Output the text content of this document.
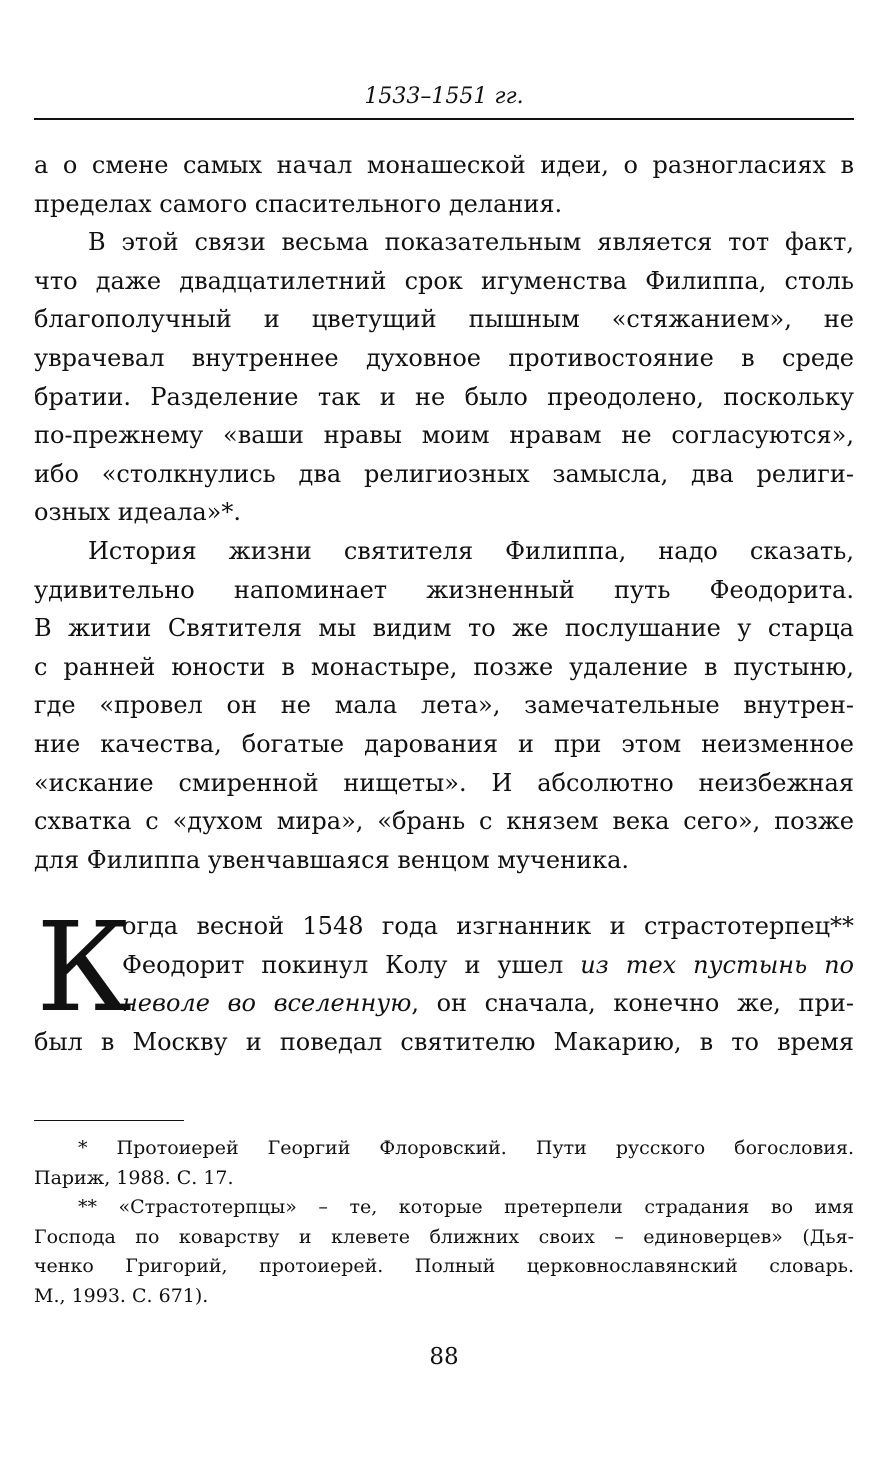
1533–1551 гг.
а о смене самых начал монашеской идеи, о разногласиях в
пределах самого спасительного делания.
В этой связи весьма показательным является тот факт,
что даже двадцатилетний срок игуменства Филиппа, столь
благополучный и цветущий пышным «стяжанием», не
уврачевал внутреннее духовное противостояние в среде
братии. Разделение так и не было преодолено, поскольку
по-прежнему «ваши нравы моим нравам не согласуются»,
ибо «столкнулись два религиозных замысла, два религи-
озных идеала»*.
История жизни святителя Филиппа, надо сказать,
удивительно напоминает жизненный путь Феодорита.
В житии Святителя мы видим то же послушание у старца
с ранней юности в монастыре, позже удаление в пустыню,
где «провел он не мала лета», замечательные внутрен-
ние качества, богатые дарования и при этом неизменное
«искание смиренной нищеты». И абсолютно неизбежная
схватка с «духом мира», «брань с князем века сего», позже
для Филиппа увенчавшаяся венцом мученика.
К
огда весной 1548 года изгнанник и страстотерпец**
Феодорит покинул Колу и ушел из тех пустынь по
неволе во вселенную, он сначала, конечно же, при-
был в Москву и поведал святителю Макарию, в то время
* Протоиерей Георгий Флоровский. Пути русского богословия.
Париж, 1988. С. 17.
** «Страстотерпцы» – те, которые претерпели страдания во имя
Господа по коварству и клевете ближних своих – единоверцев» (Дья-
ченко Григорий, протоиерей. Полный церковнославянский словарь.
М., 1993. С. 671).
88
